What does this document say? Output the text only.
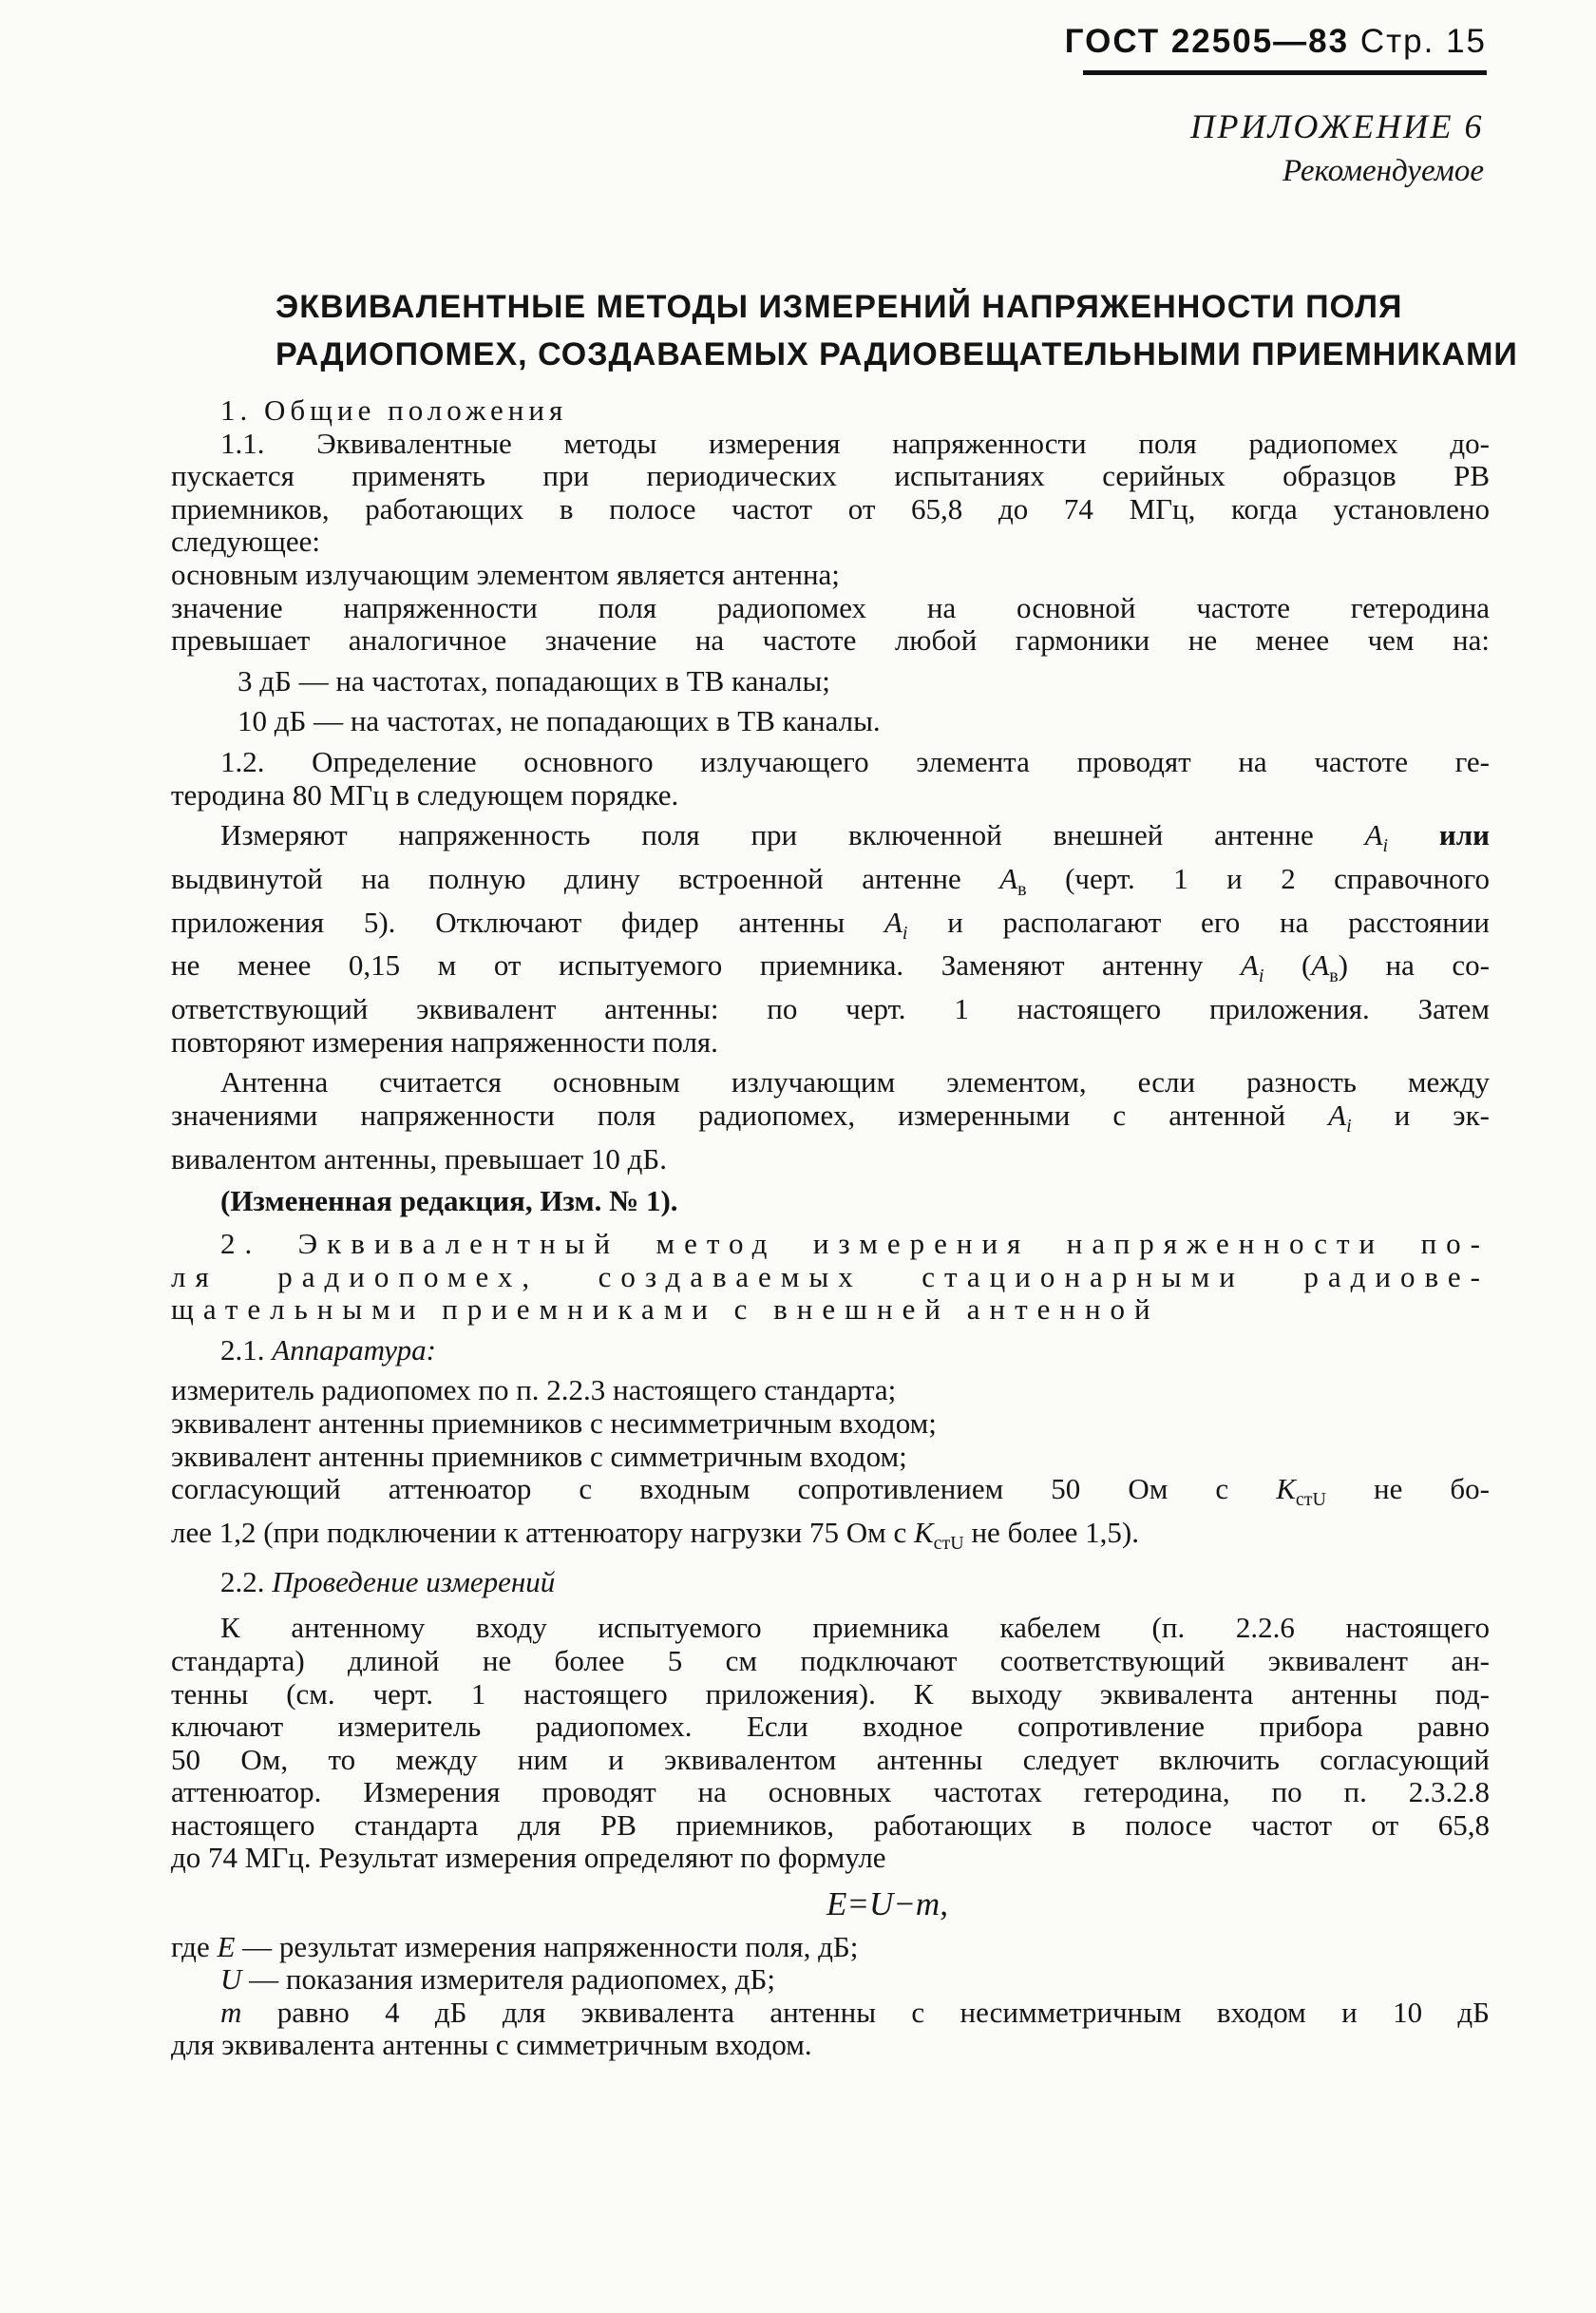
ГОСТ 22505—83 Стр. 15
ПРИЛОЖЕНИЕ 6
Рекомендуемое
ЭКВИВАЛЕНТНЫЕ МЕТОДЫ ИЗМЕРЕНИЙ НАПРЯЖЕННОСТИ ПОЛЯ
РАДИОПОМЕХ, СОЗДАВАЕМЫХ РАДИОВЕЩАТЕЛЬНЫМИ ПРИЕМНИКАМИ
1. Общие положения
1.1. Эквивалентные методы измерения напряженности поля радиопомех до-
пускается применять при периодических испытаниях серийных образцов РВ
приемников, работающих в полосе частот от 65,8 до 74 МГц, когда установлено
следующее:
основным излучающим элементом является антенна;
значение напряженности поля радиопомех на основной частоте гетеродина
превышает аналогичное значение на частоте любой гармоники не менее чем на:
3 дБ — на частотах, попадающих в ТВ каналы;
10 дБ — на частотах, не попадающих в ТВ каналы.
1.2. Определение основного излучающего элемента проводят на частоте ге-
теродина 80 МГц в следующем порядке.
Измеряют напряженность поля при включенной внешней антенне $A_i$ или
выдвинутой на полную длину встроенной антенне $A_в$ (черт. 1 и 2 справочного
приложения 5). Отключают фидер антенны $A_i$ и располагают его на расстоянии
не менее 0,15 м от испытуемого приемника. Заменяют антенну $A_i$ $(A_в)$ на со-
ответствующий эквивалент антенны: по черт. 1 настоящего приложения. Затем
повторяют измерения напряженности поля.
Антенна считается основным излучающим элементом, если разность между
значениями напряженности поля радиопомех, измеренными с антенной $A_i$ и эк-
вивалентом антенны, превышает 10 дБ.
(Измененная редакция, Изм. № 1).
2. Эквивалентный метод измерения напряженности по-
ля радиопомех, создаваемых стационарными радиове-
щательными приемниками с внешней антенной
2.1. Аппаратура:
измеритель радиопомех по п. 2.2.3 настоящего стандарта;
эквивалент антенны приемников с несимметричным входом;
эквивалент антенны приемников с симметричным входом;
согласующий аттенюатор с входным сопротивлением 50 Ом с $K_{стU}$ не бо-
лее 1,2 (при подключении к аттенюатору нагрузки 75 Ом с $K_{стU}$ не более 1,5).
2.2. Проведение измерений
К антенному входу испытуемого приемника кабелем (п. 2.2.6 настоящего
стандарта) длиной не более 5 см подключают соответствующий эквивалент ан-
тенны (см. черт. 1 настоящего приложения). К выходу эквивалента антенны под-
ключают измеритель радиопомех. Если входное сопротивление прибора равно
50 Ом, то между ним и эквивалентом антенны следует включить согласующий
аттенюатор. Измерения проводят на основных частотах гетеродина, по п. 2.3.2.8
настоящего стандарта для РВ приемников, работающих в полосе частот от 65,8
до 74 МГц. Результат измерения определяют по формуле
E=U−m,
где E — результат измерения напряженности поля, дБ;
U — показания измерителя радиопомех, дБ;
m равно 4 дБ для эквивалента антенны с несимметричным входом и 10 дБ
для эквивалента антенны с симметричным входом.
